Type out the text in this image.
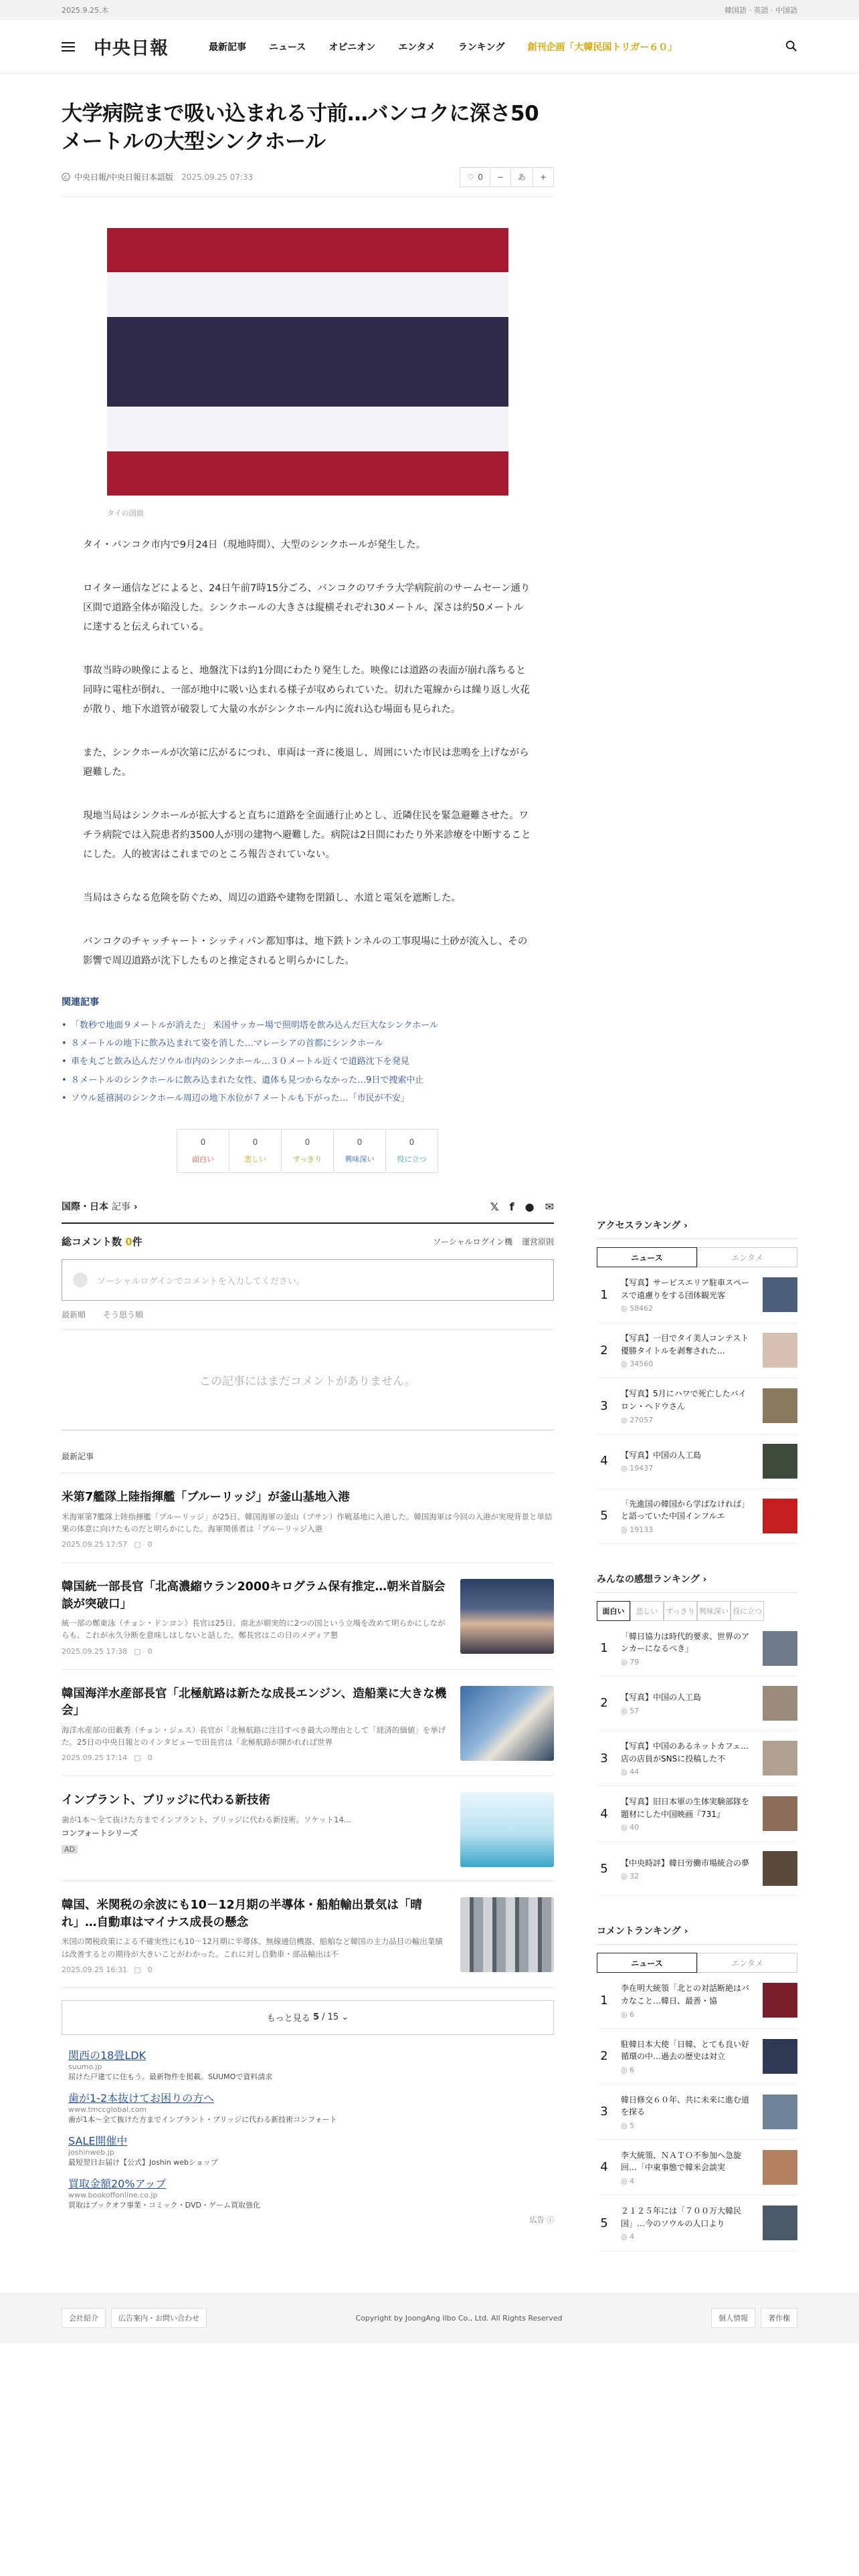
2025.9.25.木	韓国語 · 英語 · 中国語
中央日報	最新記事 ニュース オピニオン エンタメ ランキング 創刊企画「大韓民国トリガー６０」
大学病院まで吸い込まれる寸前…バンコクに深さ50メートルの大型シンクホール
C 中央日報/中央日報日本語版 2025.09.25 07:33	♡ 0	−	あ	+
タイの国旗

タイ・バンコク市内で9月24日（現地時間）、大型のシンクホールが発生した。

ロイター通信などによると、24日午前7時15分ごろ、バンコクのワチラ大学病院前のサームセーン通り区間で道路全体が陥没した。シンクホールの大きさは縦横それぞれ30メートル、深さは約50メートルに達すると伝えられている。

事故当時の映像によると、地盤沈下は約1分間にわたり発生した。映像には道路の表面が崩れ落ちると同時に電柱が倒れ、一部が地中に吸い込まれる様子が収められていた。切れた電線からは繰り返し火花が散り、地下水道管が破裂して大量の水がシンクホール内に流れ込む場面も見られた。

また、シンクホールが次第に広がるにつれ、車両は一斉に後退し、周囲にいた市民は悲鳴を上げながら避難した。

現地当局はシンクホールが拡大すると直ちに道路を全面通行止めとし、近隣住民を緊急避難させた。ワチラ病院では入院患者約3500人が別の建物へ避難した。病院は2日間にわたり外来診療を中断することにした。人的被害はこれまでのところ報告されていない。

当局はさらなる危険を防ぐため、周辺の道路や建物を閉鎖し、水道と電気を遮断した。

バンコクのチャッチャート・シッティパン都知事は、地下鉄トンネルの工事現場に土砂が流入し、その影響で周辺道路が沈下したものと推定されると明らかにした。

関連記事
• 「数秒で地面９メートルが消えた」 米国サッカー場で照明塔を飲み込んだ巨大なシンクホール
• ８メートルの地下に飲み込まれて姿を消した…マレーシアの首都にシンクホール
• 車を丸ごと飲み込んだソウル市内のシンクホール…３０メートル近くで道路沈下を発見
• ８メートルのシンクホールに飲み込まれた女性、遺体も見つからなかった…9日で捜索中止
• ソウル延禧洞のシンクホール周辺の地下水位が７メートルも下がった…「市民が不安」
0
面白い
0
悲しい
0
すっきり
0
興味深い
0
役に立つ
国際・日本 記事 ›	𝕏 f ● ✉
総コメント数 0件	ソーシャルログイン機 運営原則
ソーシャルログインでコメントを入力してください。
最新順 そう思う順
この記事にはまだコメントがありません。
最新記事
米第7艦隊上陸指揮艦「ブルーリッジ」が釜山基地入港
米海軍第7艦隊上陸指揮艦「ブルーリッジ」が25日、韓国海軍の釜山（プサン）作戦基地に入港した。韓国海軍は今回の入港が実現背景と単結果の体意に向けたものだと明らかにした。海軍関係者は「ブルーリッジ入港
2025.09.25 17:57 ▢ 0
韓国統一部長官「北高濃縮ウラン2000キログラム保有推定…朝米首脳会談が突破口」
統一部の鄭東泳（チョン・ドンヨン）長官は25日、南北が朝実的に2つの国という立場を改めて明らかにしながらも、これが永久分断を意味しはしないと話した。鄭長官はこの日のメディア懇
2025.09.25 17:38 ▢ 0
韓国海洋水産部長官「北極航路は新たな成長エンジン、造船業に大きな機会」
海洋水産部の田載秀（チョン・ジェス）長官が「北極航路に注目すべき最大の理由として「経済的価値」を挙げた。25日の中央日報とのインタビューで田長官は「北極航路が開かれれば世界
2025.09.25 17:14 ▢ 0
インプラント、ブリッジに代わる新技術
歯が1本～全て抜けた方までインプラント、ブリッジに代わる新技術。ソケット14...
コンフォートシリーズ
AD
韓国、米関税の余波にも10－12月期の半導体・船舶輸出景気は「晴れ」…自動車はマイナス成長の懸念
米国の関税政策による不確実性にも10－12月期に半導体、無線通信機器、船舶など韓国の主力品目の輸出業績は改善するとの期待が大きいことがわかった。これに対し自動車・部品輸出は不
2025.09.25 16:31 ▢ 0
もっと見る
5 / 15 ⌄
関西の18畳LDK
suumo.jp
屈けた戸建てに住もう。最新物件を掲載。SUUMOで資料請求
歯が1-2本抜けてお困りの方へ
www.tmccglobal.com
歯が1本～全て抜けた方までインプラント・ブリッジに代わる新技術コンフォート
SALE開催中
joshinweb.jp
最短翌日お届け【公式】Joshin webショップ
買取金額20%アップ
www.bookoffonline.co.jp
買取はブックオフ事業・コミック・DVD・ゲーム買取強化
広告 ⓘ
アクセスランキング ›
ニュース	エンタメ
1
【写真】サービスエリア駐車スペースで遠慮りをする団体観光客
◎ 58462
2
【写真】一目でタイ美人コンテスト優勝タイトルを剥奪された…
◎ 34560
3
【写真】5月にハワで死亡したバイロン・ヘドウさん
◎ 27057
4	【写真】中国の人工島
◎ 19437
5
「先進国の韓国から学ばなければ」と語っていた中国インフルエ
◎ 19133
みんなの感想ランキング ›
面白い	悲しい	すっきり 興味深い 役に立つ
1
「韓日協力は時代的要求、世界のアンカーになるべき」
◎ 79
2	【写真】中国の人工島
◎ 57
3
【写真】中国のあるネットカフェ…店の店員がSNSに投稿した不
◎ 44
4
【写真】旧日本軍の生体実験部隊を題材にした中国映画『731』
◎ 40
5	【中央時評】韓日労働市場統合の夢
◎ 32
コメントランキング ›
ニュース	エンタメ
1
李在明大統領「北との対話断絶はバカなこと…韓日、最善・協
◎ 6
2
駐韓日本大使「日韓、とても良い好循環の中…過去の歴史は対立
◎ 6
3
韓日修交６０年、共に未来に進む道を探る
◎ 5
4
李大統領、ＮＡＴＯ不参加へ急旋回…「中東事態で韓米会談実
◎ 4
5
２１２５年には「７００万大韓民国」…今のソウルの人口より
◎ 4
会社紹介	広告案内・お問い合わせ	Copyright by JoongAng Ilbo Co., Ltd. All Rights Reserved	個人情報	著作権
